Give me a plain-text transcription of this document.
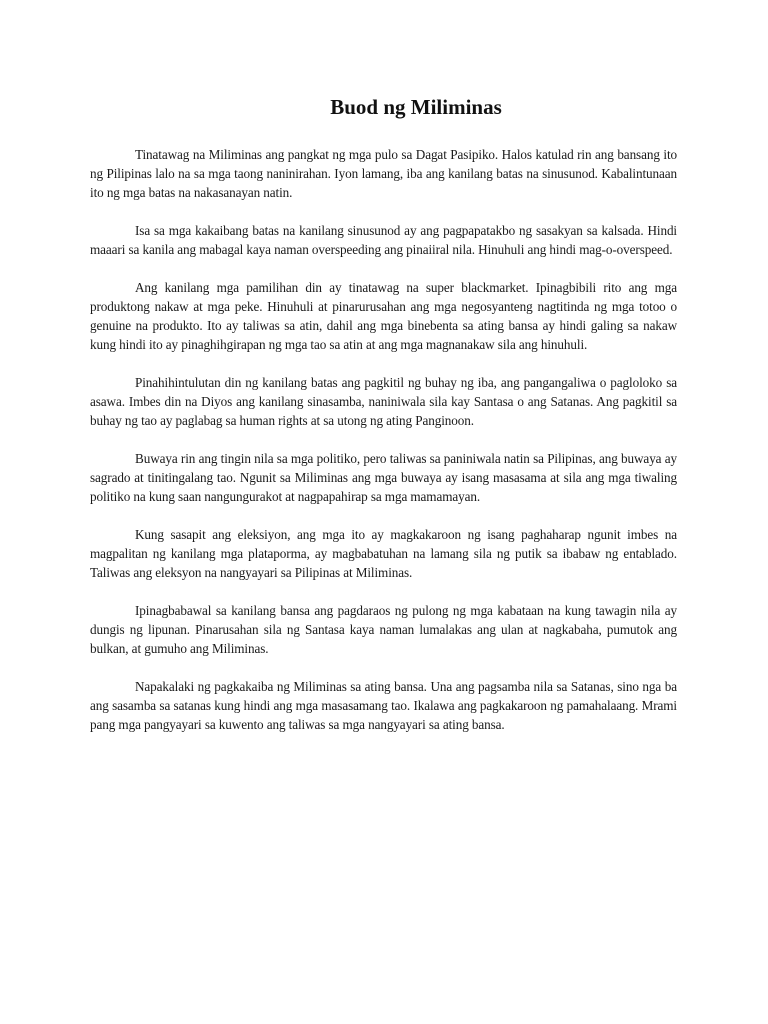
Buod ng Miliminas

Tinatawag na Miliminas ang pangkat ng mga pulo sa Dagat Pasipiko. Halos katulad rin ang bansang ito ng Pilipinas lalo na sa mga taong naninirahan. Iyon lamang, iba ang kanilang batas na sinusunod. Kabalintunaan ito ng mga batas na nakasanayan natin.

Isa sa mga kakaibang batas na kanilang sinusunod ay ang pagpapatakbo ng sasakyan sa kalsada. Hindi maaari sa kanila ang mabagal kaya naman overspeeding ang pinaiiral nila. Hinuhuli ang hindi mag-o-overspeed.

Ang kanilang mga pamilihan din ay tinatawag na super blackmarket. Ipinagbibili rito ang mga produktong nakaw at mga peke. Hinuhuli at pinarurusahan ang mga negosyanteng nagtitinda ng mga totoo o genuine na produkto. Ito ay taliwas sa atin, dahil ang mga binebenta sa ating bansa ay hindi galing sa nakaw kung hindi ito ay pinaghihgirapan ng mga tao sa atin at ang mga magnanakaw sila ang hinuhuli.

Pinahihintulutan din ng kanilang batas ang pagkitil ng buhay ng iba, ang pangangaliwa o pagloloko sa asawa. Imbes din na Diyos ang kanilang sinasamba, naniniwala sila kay Santasa o ang Satanas. Ang pagkitil sa buhay ng tao ay paglabag sa human rights at sa utong ng ating Panginoon.

Buwaya rin ang tingin nila sa mga politiko, pero taliwas sa paniniwala natin sa Pilipinas, ang buwaya ay sagrado at tinitingalang tao. Ngunit sa Miliminas ang mga buwaya ay isang masasama at sila ang mga tiwaling politiko na kung saan nangungurakot at nagpapahirap sa mga mamamayan.

Kung sasapit ang eleksiyon, ang mga ito ay magkakaroon ng isang paghaharap ngunit imbes na magpalitan ng kanilang mga plataporma, ay magbabatuhan na lamang sila ng putik sa ibabaw ng entablado. Taliwas ang eleksyon na nangyayari sa Pilipinas at Miliminas.

Ipinagbabawal sa kanilang bansa ang pagdaraos ng pulong ng mga kabataan na kung tawagin nila ay dungis ng lipunan. Pinarusahan sila ng Santasa kaya naman lumalakas ang ulan at nagkabaha, pumutok ang bulkan, at gumuho ang Miliminas.

Napakalaki ng pagkakaiba ng Miliminas sa ating bansa. Una ang pagsamba nila sa Satanas, sino nga ba ang sasamba sa satanas kung hindi ang mga masasamang tao. Ikalawa ang pagkakaroon ng pamahalaang. Mrami pang mga pangyayari sa kuwento ang taliwas sa mga nangyayari sa ating bansa.
